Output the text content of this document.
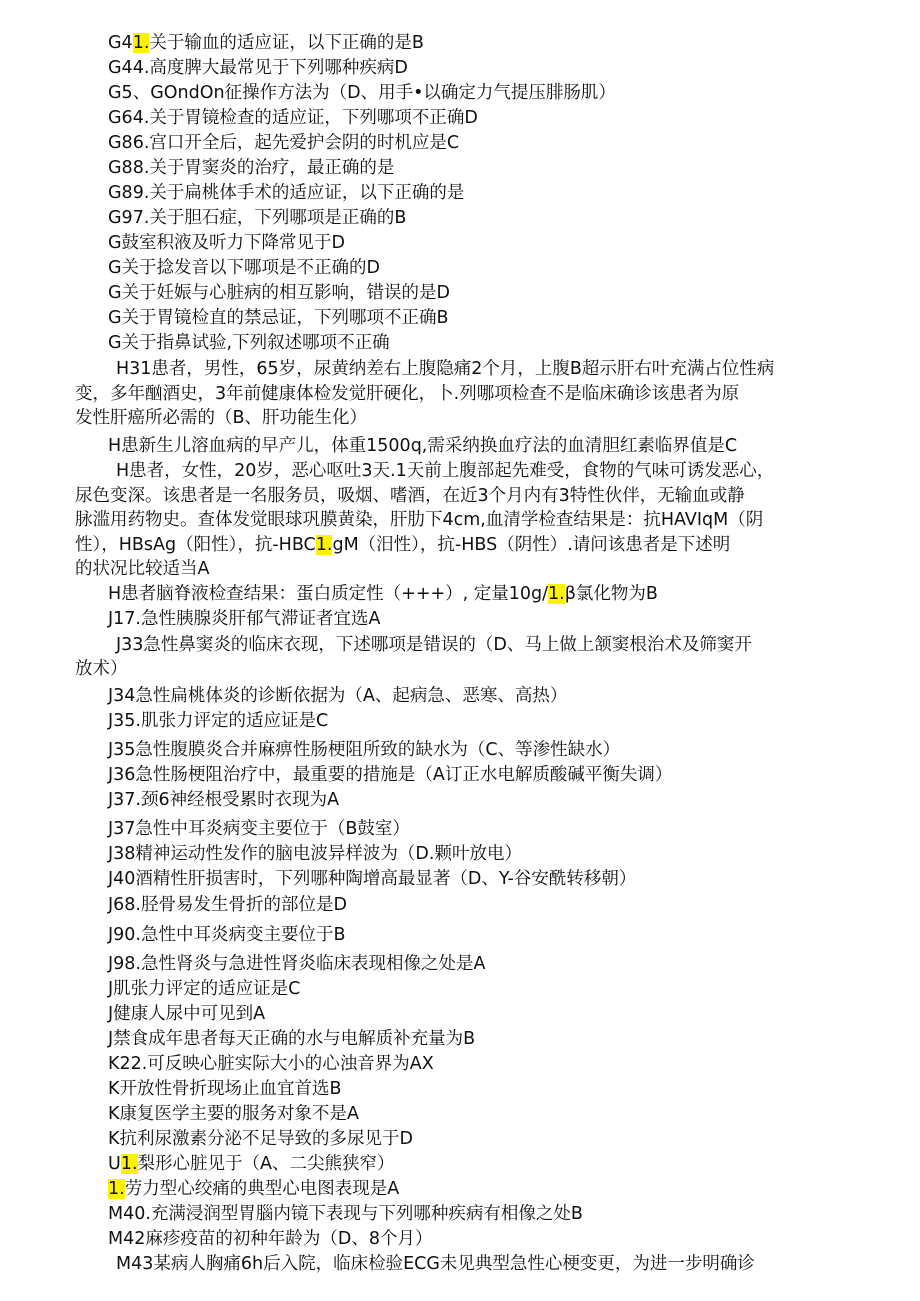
G41.关于输血的适应证，以下正确的是B
G44.高度脾大最常见于下列哪种疾病D
G5、GOndOn征操作方法为（D、用手•以确定力气提压腓肠肌）
G64.关于胃镜检查的适应证，下列哪项不正确D
G86.宫口开全后，起先爱护会阴的时机应是C
G88.关于胃窦炎的治疗，最正确的是
G89.关于扁桃体手术的适应证，以下正确的是
G97.关于胆石症，下列哪项是正确的B
G鼓室积液及听力下降常见于D
G关于捻发音以下哪项是不正确的D
G关于妊娠与心脏病的相互影响，错误的是D
G关于胃镜检直的禁忌证，下列哪项不正确B
G关于指鼻试验,下列叙述哪项不正确
H31患者，男性，65岁，尿黄纳差右上腹隐痛2个月，上腹B超示肝右叶充满占位性病
变，多年酗酒史，3年前健康体检发觉肝硬化，卜.列哪项检查不是临床确诊该患者为原
发性肝癌所必需的（B、肝功能生化）
H患新生儿溶血病的早产儿，体重1500q,需采纳换血疗法的血清胆红素临界值是C
H患者，女性，20岁，恶心呕吐3天.1天前上腹部起先难受，食物的气味可诱发恶心，
尿色变深。该患者是一名服务员，吸烟、嗜酒，在近3个月内有3特性伙伴，无输血或静
脉滥用药物史。查体发觉眼球巩膜黄染，肝肋下4cm,血清学检查结果是：抗HAVIqM（阴
性），HBsAg（阳性），抗-HBC1.gM（汨性），抗-HBS（阴性）.请问该患者是下述明
的状况比较适当A
H患者脑脊液检查结果：蛋白质定性（+++）, 定量10g/1.β氯化物为B
J17.急性胰腺炎肝郁气滞证者宜选A
J33急性鼻窦炎的临床衣现，下述哪项是错误的（D、马上做上颔窦根治术及筛窦开
放术）
J34急性扁桃体炎的诊断依据为（A、起病急、恶寒、高热）
J35.肌张力评定的适应证是C
J35急性腹膜炎合并麻痹性肠梗阻所致的缺水为（C、等渗性缺水）
J36急性肠梗阻治疗中，最重要的措施是（A订正水电解质酸碱平衡失调）
J37.颈6神经根受累时衣现为A
J37急性中耳炎病变主要位于（B鼓室）
J38精神运动性发作的脑电波异样波为（D.颗叶放电）
J40酒精性肝损害时，下列哪种陶增高最显著（D、Y-谷安酰转移朝）
J68.胫骨易发生骨折的部位是D
J90.急性中耳炎病变主要位于B
J98.急性肾炎与急进性肾炎临床表现相像之处是A
J肌张力评定的适应证是C
J健康人尿中可见到A
J禁食成年患者每天正确的水与电解质补充量为B
K22.可反映心脏实际大小的心浊音界为AX
K开放性骨折现场止血宜首选B
K康复医学主要的服务对象不是A
K抗利尿激素分泌不足导致的多尿见于D
U1.梨形心脏见于（A、二尖熊狭窄）
1.劳力型心绞痛的典型心电图表现是A
M40.充满浸润型胃腦内镜下表现与下列哪种疾病有相像之处B
M42麻疹疫苗的初种年龄为（D、8个月）
M43某病人胸痛6h后入院，临床检验ECG未见典型急性心梗变更，为进一步明确诊
